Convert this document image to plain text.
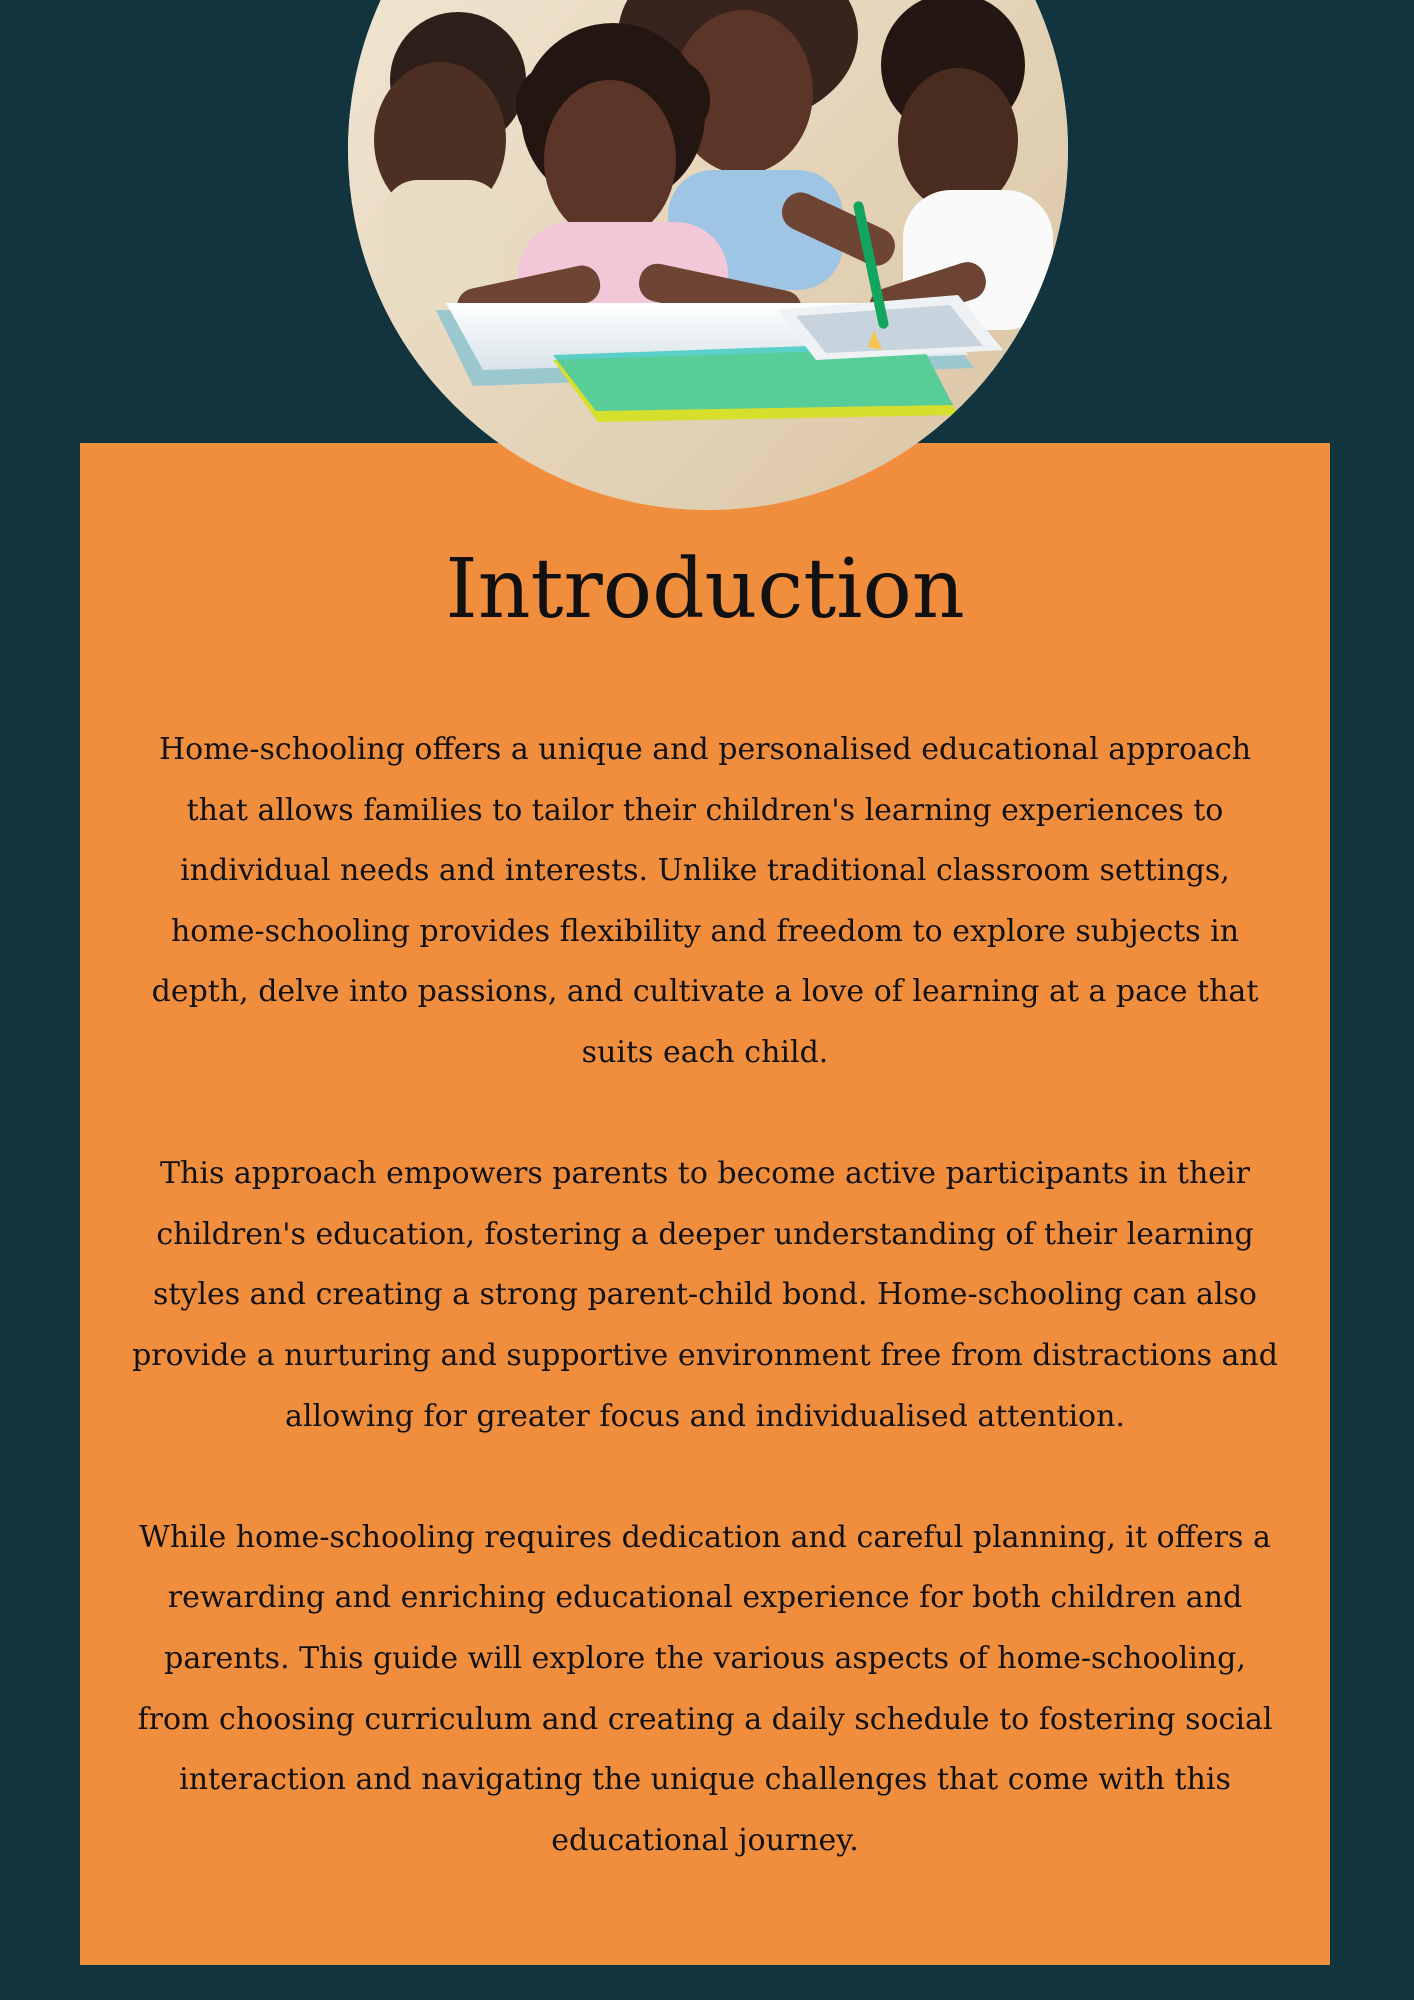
Introduction

Home-schooling offers a unique and personalised educational approach that allows families to tailor their children's learning experiences to individual needs and interests. Unlike traditional classroom settings, home-schooling provides flexibility and freedom to explore subjects in depth, delve into passions, and cultivate a love of learning at a pace that suits each child.

This approach empowers parents to become active participants in their children's education, fostering a deeper understanding of their learning styles and creating a strong parent-child bond. Home-schooling can also provide a nurturing and supportive environment free from distractions and allowing for greater focus and individualised attention.

While home-schooling requires dedication and careful planning, it offers a rewarding and enriching educational experience for both children and parents. This guide will explore the various aspects of home-schooling, from choosing curriculum and creating a daily schedule to fostering social interaction and navigating the unique challenges that come with this educational journey.
